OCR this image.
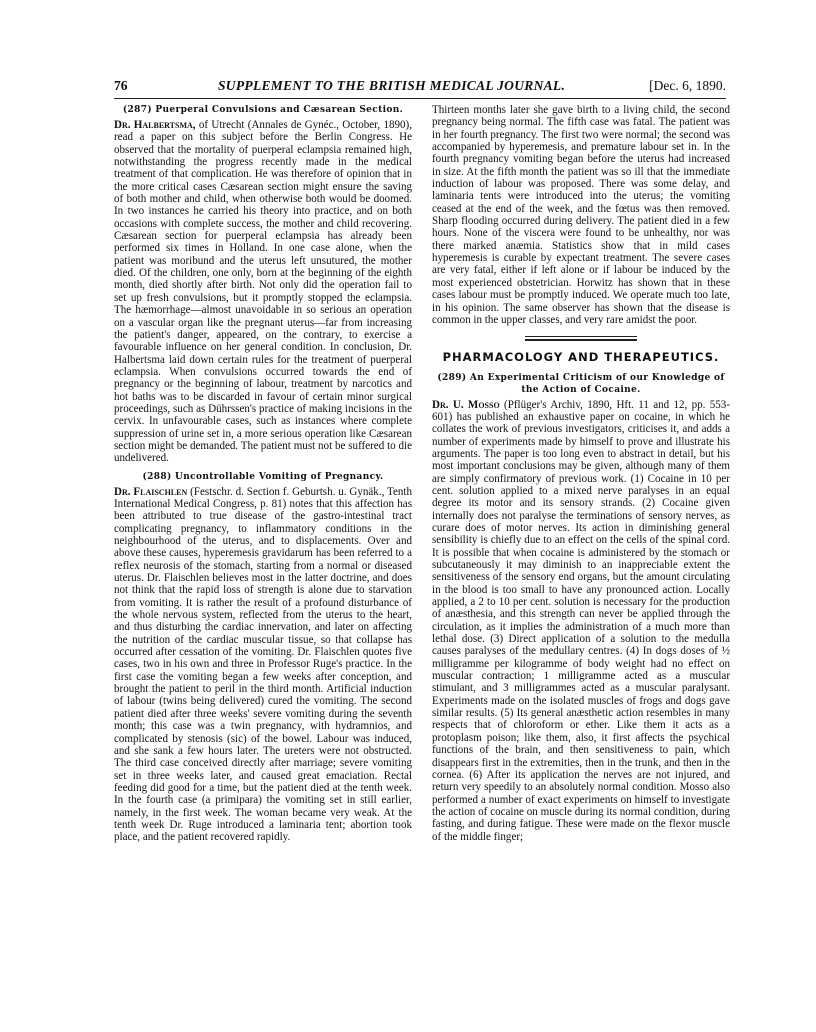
76	SUPPLEMENT TO THE BRITISH MEDICAL JOURNAL.	[Dec. 6, 1890.
(287) Puerperal Convulsions and Cæsarean Section.

Dr. Halbertsma, of Utrecht (Annales de Gynéc., October, 1890), read a paper on this subject before the Berlin Congress. He observed that the mortality of puerperal eclampsia remained high, notwithstanding the progress recently made in the medical treatment of that complication. He was therefore of opinion that in the more critical cases Cæsarean section might ensure the saving of both mother and child, when otherwise both would be doomed. In two instances he carried his theory into practice, and on both occasions with complete success, the mother and child recovering. Cæsarean section for puerperal eclampsia has already been performed six times in Holland. In one case alone, when the patient was moribund and the uterus left unsutured, the mother died. Of the children, one only, born at the beginning of the eighth month, died shortly after birth. Not only did the operation fail to set up fresh convulsions, but it promptly stopped the eclampsia. The hæmorrhage—almost unavoidable in so serious an operation on a vascular organ like the pregnant uterus—far from increasing the patient's danger, appeared, on the contrary, to exercise a favourable influence on her general condition. In conclusion, Dr. Halbertsma laid down certain rules for the treatment of puerperal eclampsia. When convulsions occurred towards the end of pregnancy or the beginning of labour, treatment by narcotics and hot baths was to be discarded in favour of certain minor surgical proceedings, such as Dührssen's practice of making incisions in the cervix. In unfavourable cases, such as instances where complete suppression of urine set in, a more serious operation like Cæsarean section might be demanded. The patient must not be suffered to die undelivered.

(288) Uncontrollable Vomiting of Pregnancy.

Dr. Flaischlen (Festschr. d. Section f. Geburtsh. u. Gynäk., Tenth International Medical Congress, p. 81) notes that this affection has been attributed to true disease of the gastro-intestinal tract complicating pregnancy, to inflammatory conditions in the neighbourhood of the uterus, and to displacements. Over and above these causes, hyperemesis gravidarum has been referred to a reflex neurosis of the stomach, starting from a normal or diseased uterus. Dr. Flaischlen believes most in the latter doctrine, and does not think that the rapid loss of strength is alone due to starvation from vomiting. It is rather the result of a profound disturbance of the whole nervous system, reflected from the uterus to the heart, and thus disturbing the cardiac innervation, and later on affecting the nutrition of the cardiac muscular tissue, so that collapse has occurred after cessation of the vomiting. Dr. Flaischlen quotes five cases, two in his own and three in Professor Ruge's practice. In the first case the vomiting began a few weeks after conception, and brought the patient to peril in the third month. Artificial induction of labour (twins being delivered) cured the vomiting. The second patient died after three weeks' severe vomiting during the seventh month; this case was a twin pregnancy, with hydramnios, and complicated by stenosis (sic) of the bowel. Labour was induced, and she sank a few hours later. The ureters were not obstructed. The third case conceived directly after marriage; severe vomiting set in three weeks later, and caused great emaciation. Rectal feeding did good for a time, but the patient died at the tenth week. In the fourth case (a primipara) the vomiting set in still earlier, namely, in the first week. The woman became very weak. At the tenth week Dr. Ruge introduced a laminaria tent; abortion took place, and the patient recovered rapidly.

Thirteen months later she gave birth to a living child, the second pregnancy being normal. The fifth case was fatal. The patient was in her fourth pregnancy. The first two were normal; the second was accompanied by hyperemesis, and premature labour set in. In the fourth pregnancy vomiting began before the uterus had increased in size. At the fifth month the patient was so ill that the immediate induction of labour was proposed. There was some delay, and laminaria tents were introduced into the uterus; the vomiting ceased at the end of the week, and the fœtus was then removed. Sharp flooding occurred during delivery. The patient died in a few hours. None of the viscera were found to be unhealthy, nor was there marked anæmia. Statistics show that in mild cases hyperemesis is curable by expectant treatment. The severe cases are very fatal, either if left alone or if labour be induced by the most experienced obstetrician. Horwitz has shown that in these cases labour must be promptly induced. We operate much too late, in his opinion. The same observer has shown that the disease is common in the upper classes, and very rare amidst the poor.

PHARMACOLOGY AND THERAPEUTICS.
(289) An Experimental Criticism of our Knowledge of the Action of Cocaine.

Dr. U. Mosso (Pflüger's Archiv, 1890, Hft. 11 and 12, pp. 553-601) has published an exhaustive paper on cocaine, in which he collates the work of previous investigators, criticises it, and adds a number of experiments made by himself to prove and illustrate his arguments. The paper is too long even to abstract in detail, but his most important conclusions may be given, although many of them are simply confirmatory of previous work. (1) Cocaine in 10 per cent. solution applied to a mixed nerve paralyses in an equal degree its motor and its sensory strands. (2) Cocaine given internally does not paralyse the terminations of sensory nerves, as curare does of motor nerves. Its action in diminishing general sensibility is chiefly due to an effect on the cells of the spinal cord. It is possible that when cocaine is administered by the stomach or subcutaneously it may diminish to an inappreciable extent the sensitiveness of the sensory end organs, but the amount circulating in the blood is too small to have any pronounced action. Locally applied, a 2 to 10 per cent. solution is necessary for the production of anæsthesia, and this strength can never be applied through the circulation, as it implies the administration of a much more than lethal dose. (3) Direct application of a solution to the medulla causes paralyses of the medullary centres. (4) In dogs doses of ½ milligramme per kilogramme of body weight had no effect on muscular contraction; 1 milligramme acted as a muscular stimulant, and 3 milligrammes acted as a muscular paralysant. Experiments made on the isolated muscles of frogs and dogs gave similar results. (5) Its general anæsthetic action resembles in many respects that of chloroform or ether. Like them it acts as a protoplasm poison; like them, also, it first affects the psychical functions of the brain, and then sensitiveness to pain, which disappears first in the extremities, then in the trunk, and then in the cornea. (6) After its application the nerves are not injured, and return very speedily to an absolutely normal condition. Mosso also performed a number of exact experiments on himself to investigate the action of cocaine on muscle during its normal condition, during fasting, and during fatigue. These were made on the flexor muscle of the middle finger;
